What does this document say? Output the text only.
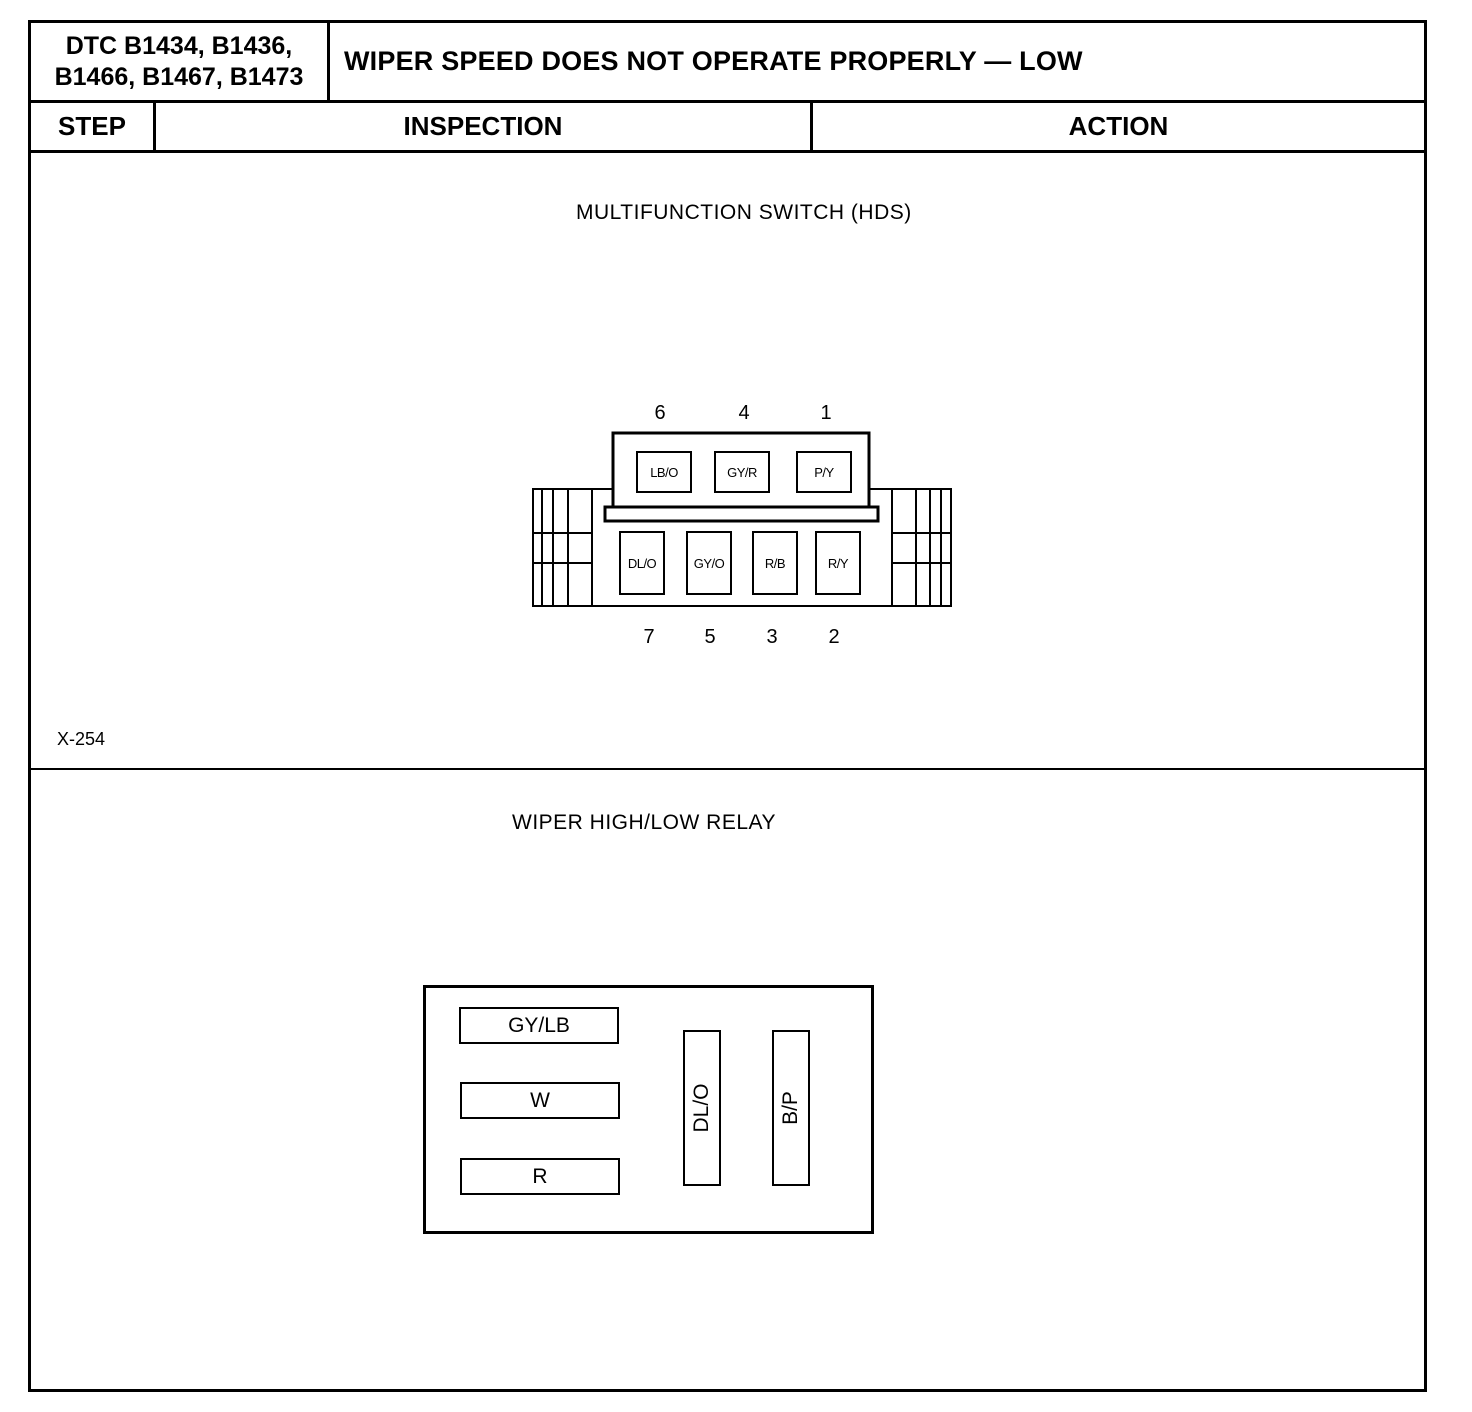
DTC B1434, B1436,
B1466, B1467, B1473
WIPER SPEED DOES NOT OPERATE PROPERLY — LOW
STEP	INSPECTION	ACTION
MULTIFUNCTION SWITCH (HDS)
6	4	1
LB/O	GY/R	P/Y
DL/O	GY/O	R/B	R/Y
7	5	3	2
X-254
WIPER HIGH/LOW RELAY
GY/LB
W
R
DL/O	B/P
